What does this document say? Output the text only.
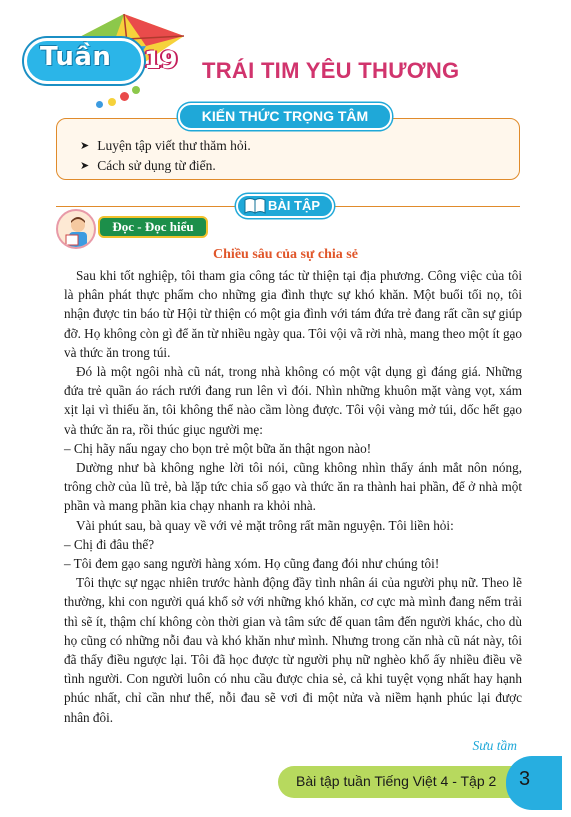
Tuần 19 TRÁI TIM YÊU THƯƠNG
KIẾN THỨC TRỌNG TÂM
➤ Luyện tập viết thư thăm hỏi.
➤ Cách sử dụng từ điển.
BÀI TẬP
Đọc - Đọc hiểu
Chiều sâu của sự chia sẻ

Sau khi tốt nghiệp, tôi tham gia công tác từ thiện tại địa phương. Công việc của tôi là phân phát thực phẩm cho những gia đình thực sự khó khăn. Một buổi tối nọ, tôi nhận được tin báo từ Hội từ thiện có một gia đình với tám đứa trẻ đang rất cần sự giúp đỡ. Họ không còn gì để ăn từ nhiều ngày qua. Tôi vội vã rời nhà, mang theo một ít gạo và thức ăn trong túi.

Đó là một ngôi nhà cũ nát, trong nhà không có một vật dụng gì đáng giá. Những đứa trẻ quần áo rách rưới đang run lên vì đói. Nhìn những khuôn mặt vàng vọt, xám xịt lại vì thiếu ăn, tôi không thể nào cầm lòng được. Tôi vội vàng mở túi, dốc hết gạo và thức ăn ra, rồi thúc giục người mẹ:

– Chị hãy nấu ngay cho bọn trẻ một bữa ăn thật ngon nào!

Dường như bà không nghe lời tôi nói, cũng không nhìn thấy ánh mắt nôn nóng, trông chờ của lũ trẻ, bà lặp tức chia số gạo và thức ăn ra thành hai phần, để ở nhà một phần và mang phần kia chạy nhanh ra khỏi nhà.

Vài phút sau, bà quay về với vẻ mặt trông rất mãn nguyện. Tôi liền hỏi:

– Chị đi đâu thế?

– Tôi đem gạo sang người hàng xóm. Họ cũng đang đói như chúng tôi!

Tôi thực sự ngạc nhiên trước hành động đầy tình nhân ái của người phụ nữ. Theo lẽ thường, khi con người quá khổ sở với những khó khăn, cơ cực mà mình đang nếm trải thì sẽ ít, thậm chí không còn thời gian và tâm sức để quan tâm đến người khác, cho dù họ cũng có những nỗi đau và khó khăn như mình. Nhưng trong căn nhà cũ nát này, tôi đã thấy điều ngược lại. Tôi đã học được từ người phụ nữ nghèo khổ ấy nhiều điều về tình người. Con người luôn có nhu cầu được chia sẻ, cả khi tuyệt vọng nhất hay hạnh phúc nhất, chỉ cần như thế, nỗi đau sẽ vơi đi một nửa và niềm hạnh phúc lại được nhân đôi.

Sưu tầm
Bài tập tuần Tiếng Việt 4 - Tập 2 3
